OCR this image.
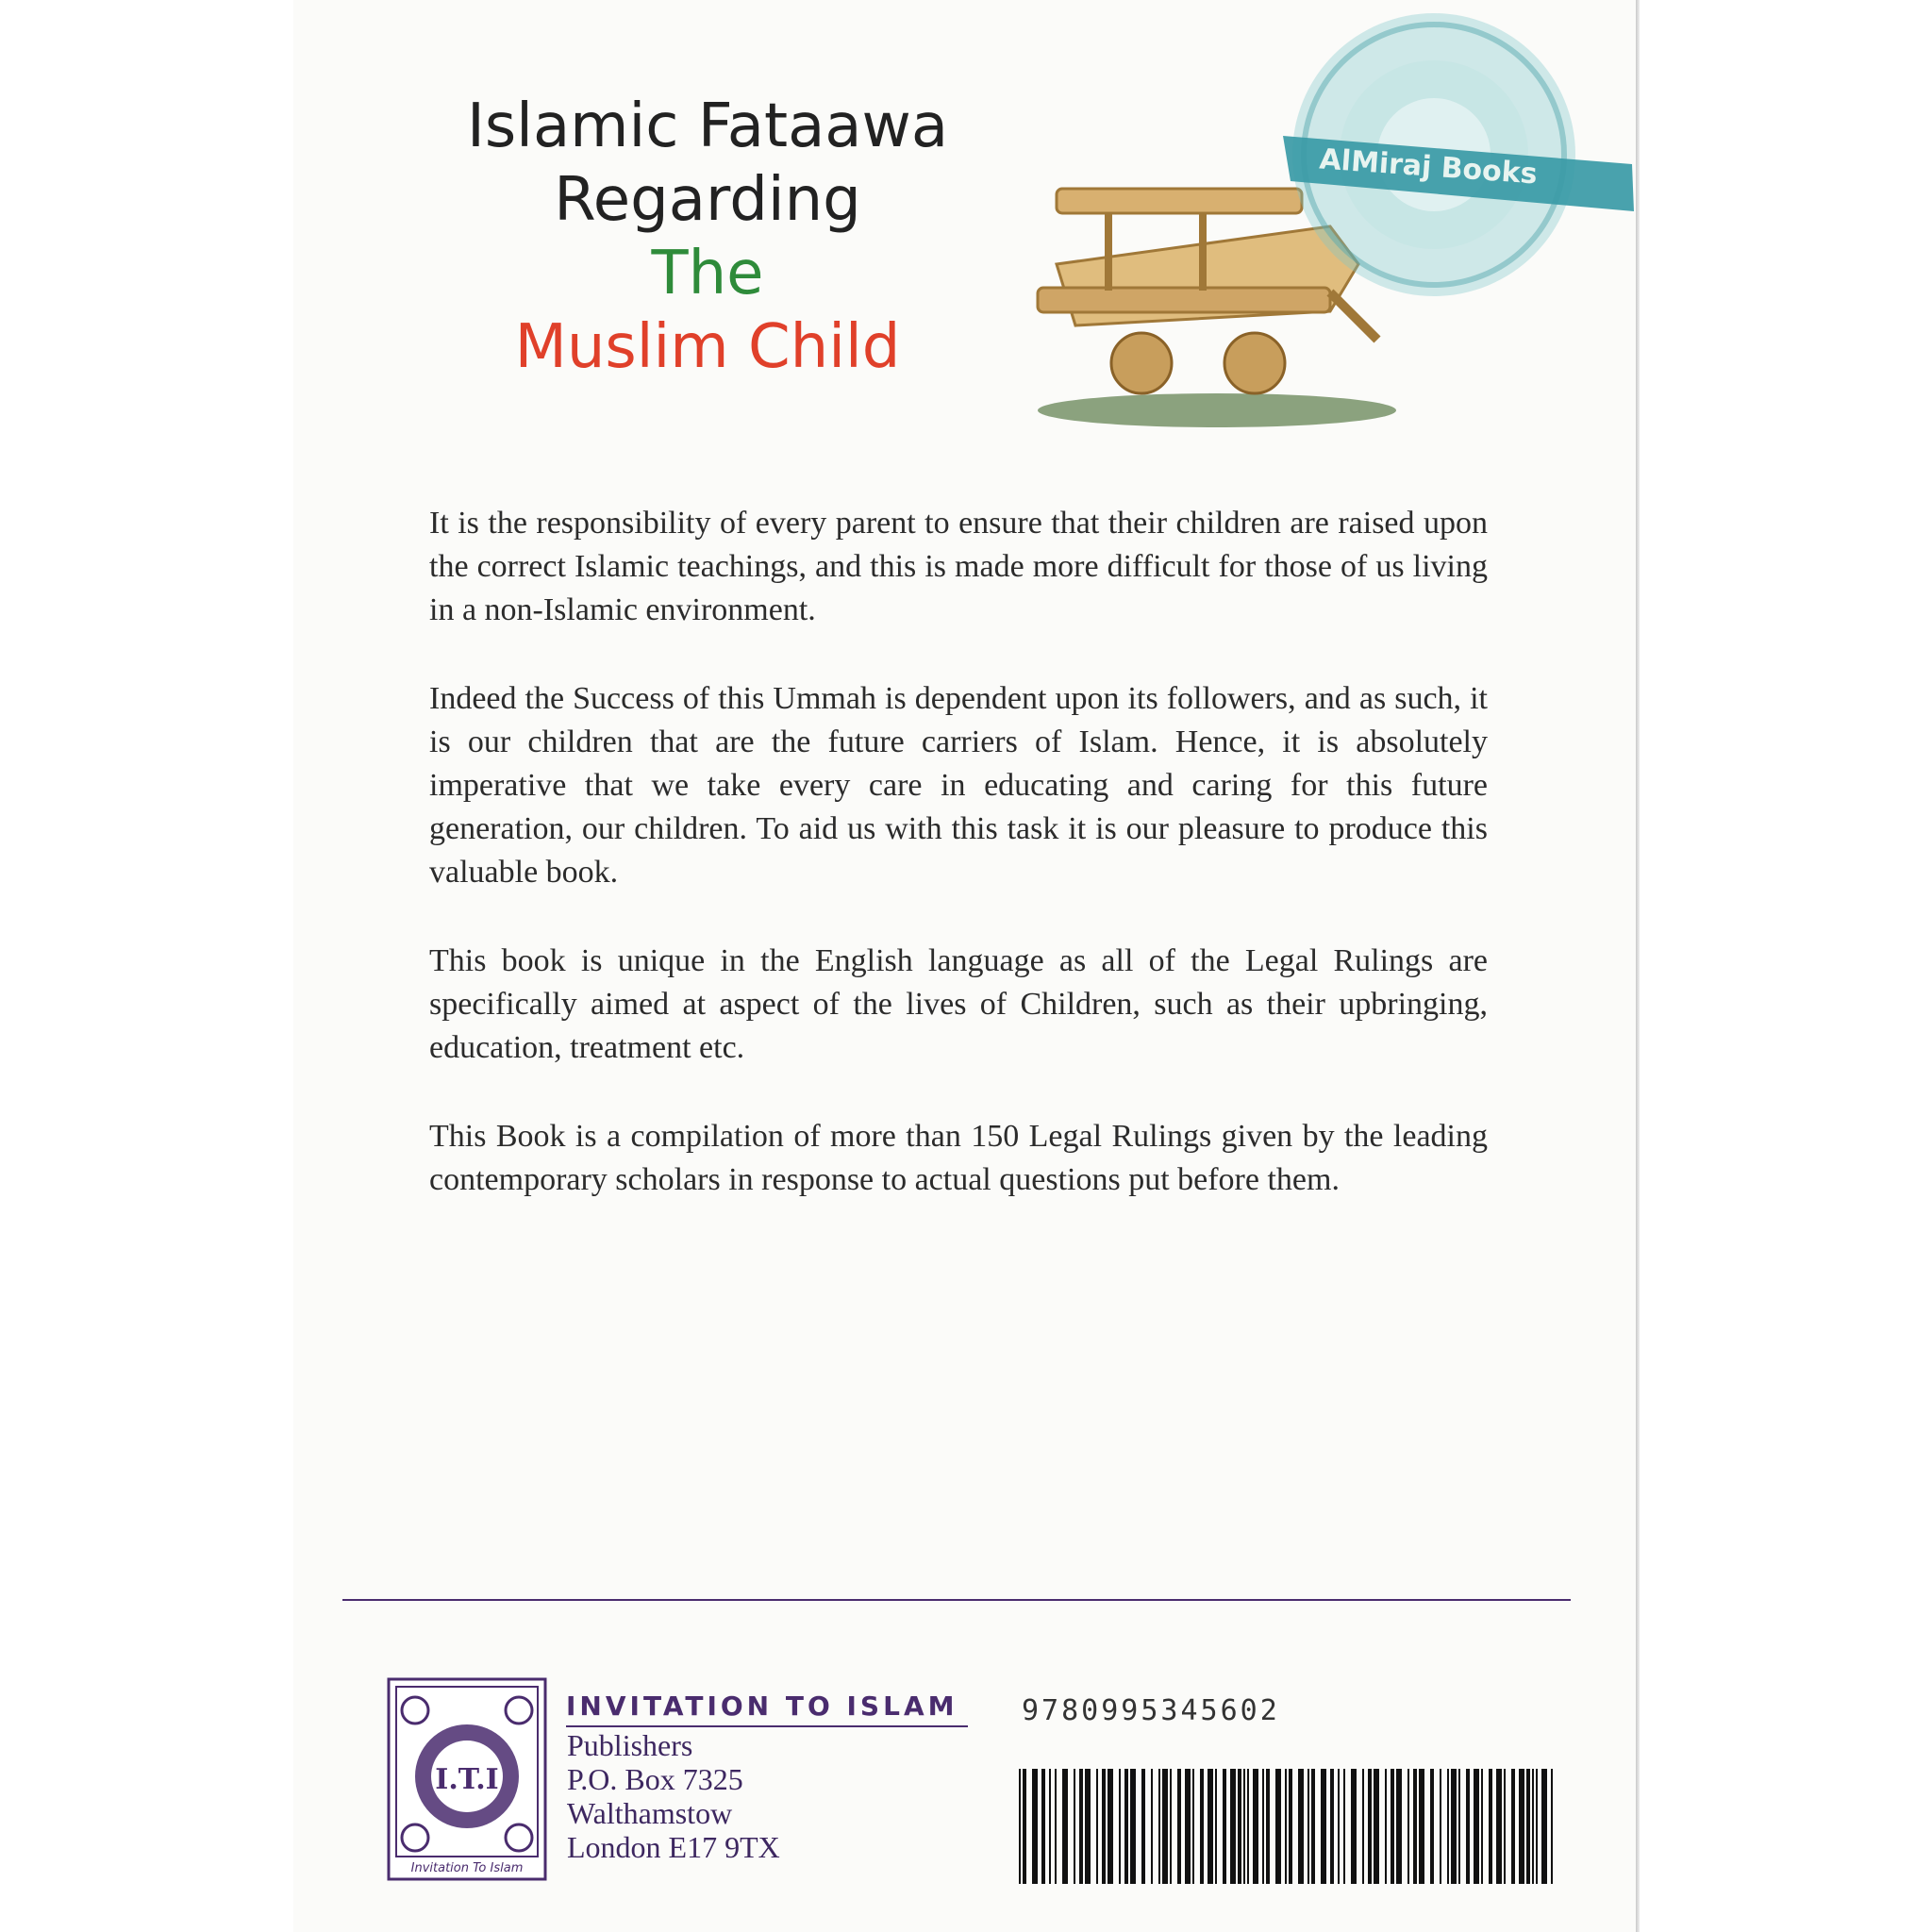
Islamic Fataawa
Regarding
The
Muslim Child
AlMiraj Books

It is the responsibility of every parent to ensure that their children are raised upon the correct Islamic teachings, and this is made more difficult for those of us living in a non-Islamic environment.

Indeed the Success of this Ummah is dependent upon its followers, and as such, it is our children that are the future carriers of Islam. Hence, it is absolutely imperative that we take every care in educating and caring for this future generation, our children. To aid us with this task it is our pleasure to produce this valuable book.

This book is unique in the English language as all of the Legal Rulings are specifically aimed at aspect of the lives of Children, such as their upbringing, education, treatment etc.

This Book is a compilation of more than 150 Legal Rulings given by the leading contemporary scholars in response to actual questions put before them.

I.T.I
Invitation To Islam
INVITATION TO ISLAM
Publishers
P.O. Box 7325
Walthamstow
London E17 9TX
9780995345602
